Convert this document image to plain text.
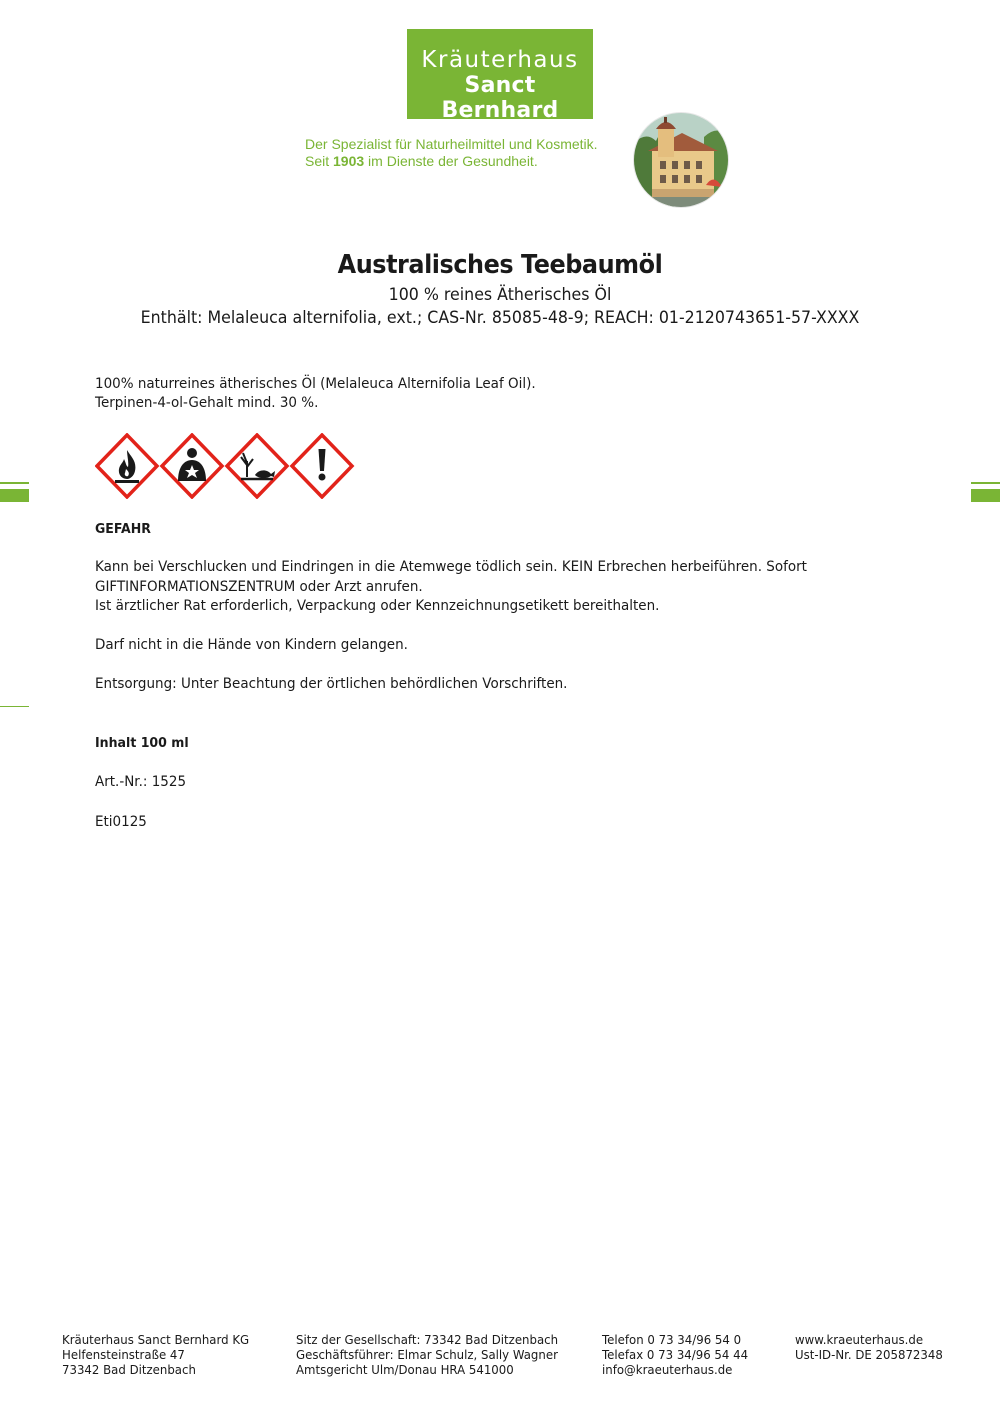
Kräuterhaus
Sanct Bernhard
Der Spezialist für Naturheilmittel und Kosmetik.
Seit 1903 im Dienste der Gesundheit.
Australisches Teebaumöl
100 % reines Ätherisches Öl
Enthält: Melaleuca alternifolia, ext.; CAS-Nr. 85085-48-9; REACH: 01-2120743651-57-XXXX
100% naturreines ätherisches Öl (Melaleuca Alternifolia Leaf Oil).
Terpinen-4-ol-Gehalt mind. 30 %.
GEFAHR
Kann bei Verschlucken und Eindringen in die Atemwege tödlich sein. KEIN Erbrechen herbeiführen. Sofort
GIFTINFORMATIONSZENTRUM oder Arzt anrufen.
Ist ärztlicher Rat erforderlich, Verpackung oder Kennzeichnungsetikett bereithalten.
Darf nicht in die Hände von Kindern gelangen.
Entsorgung: Unter Beachtung der örtlichen behördlichen Vorschriften.
Inhalt 100 ml
Art.-Nr.: 1525
Eti0125
Kräuterhaus Sanct Bernhard KG
Helfensteinstraße 47
73342 Bad Ditzenbach
Sitz der Gesellschaft: 73342 Bad Ditzenbach
Geschäftsführer: Elmar Schulz, Sally Wagner
Amtsgericht Ulm/Donau HRA 541000
Telefon 0 73 34/96 54 0
Telefax 0 73 34/96 54 44
info@kraeuterhaus.de
www.kraeuterhaus.de
Ust-ID-Nr. DE 205872348
